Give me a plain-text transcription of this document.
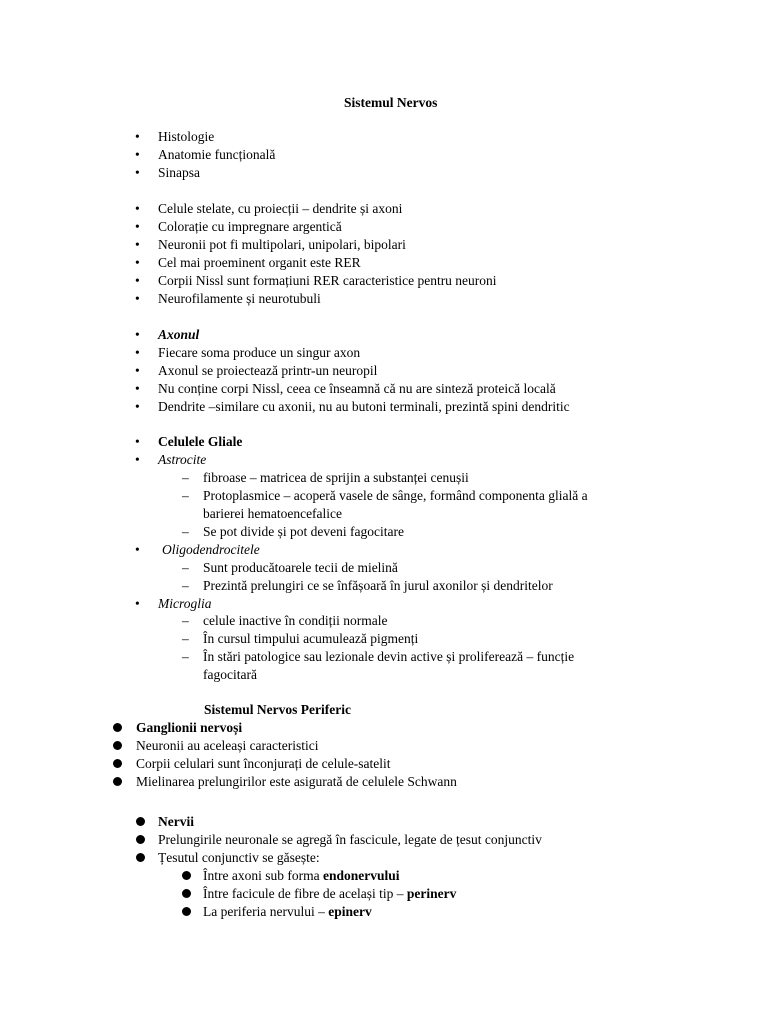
Sistemul Nervos
• Histologie
• Anatomie funcțională
• Sinapsa
• Celule stelate, cu proiecții – dendrite și axoni
• Colorație cu impregnare argentică
• Neuronii pot fi multipolari, unipolari, bipolari
• Cel mai proeminent organit este RER
• Corpii Nissl sunt formațiuni RER caracteristice pentru neuroni
• Neurofilamente și neurotubuli
• Axonul
• Fiecare soma produce un singur axon
• Axonul se proiectează printr-un neuropil
• Nu conține corpi Nissl, ceea ce înseamnă că nu are sinteză proteică locală
• Dendrite –similare cu axonii, nu au butoni terminali, prezintă spini dendritic
• Celulele Gliale
• Astrocite
– fibroase – matricea de sprijin a substanței cenușii
– Protoplasmice – acoperă vasele de sânge, formând componenta glială a
barierei hematoencefalice
– Se pot divide și pot deveni fagocitare
• Oligodendrocitele
– Sunt producătoarele tecii de mielină
– Prezintă prelungiri ce se înfășoară în jurul axonilor și dendritelor
• Microglia
– celule inactive în condiții normale
– În cursul timpului acumulează pigmenți
– În stări patologice sau lezionale devin active și proliferează – funcție
fagocitară
Sistemul Nervos Periferic
Ganglionii nervoși
Neuronii au aceleași caracteristici
Corpii celulari sunt înconjurați de celule-satelit
Mielinarea prelungirilor este asigurată de celulele Schwann
Nervii
Prelungirile neuronale se agregă în fascicule, legate de țesut conjunctiv
Țesutul conjunctiv se găsește:
Între axoni sub forma endonervului
Între facicule de fibre de același tip – perinerv
La periferia nervului – epinerv
